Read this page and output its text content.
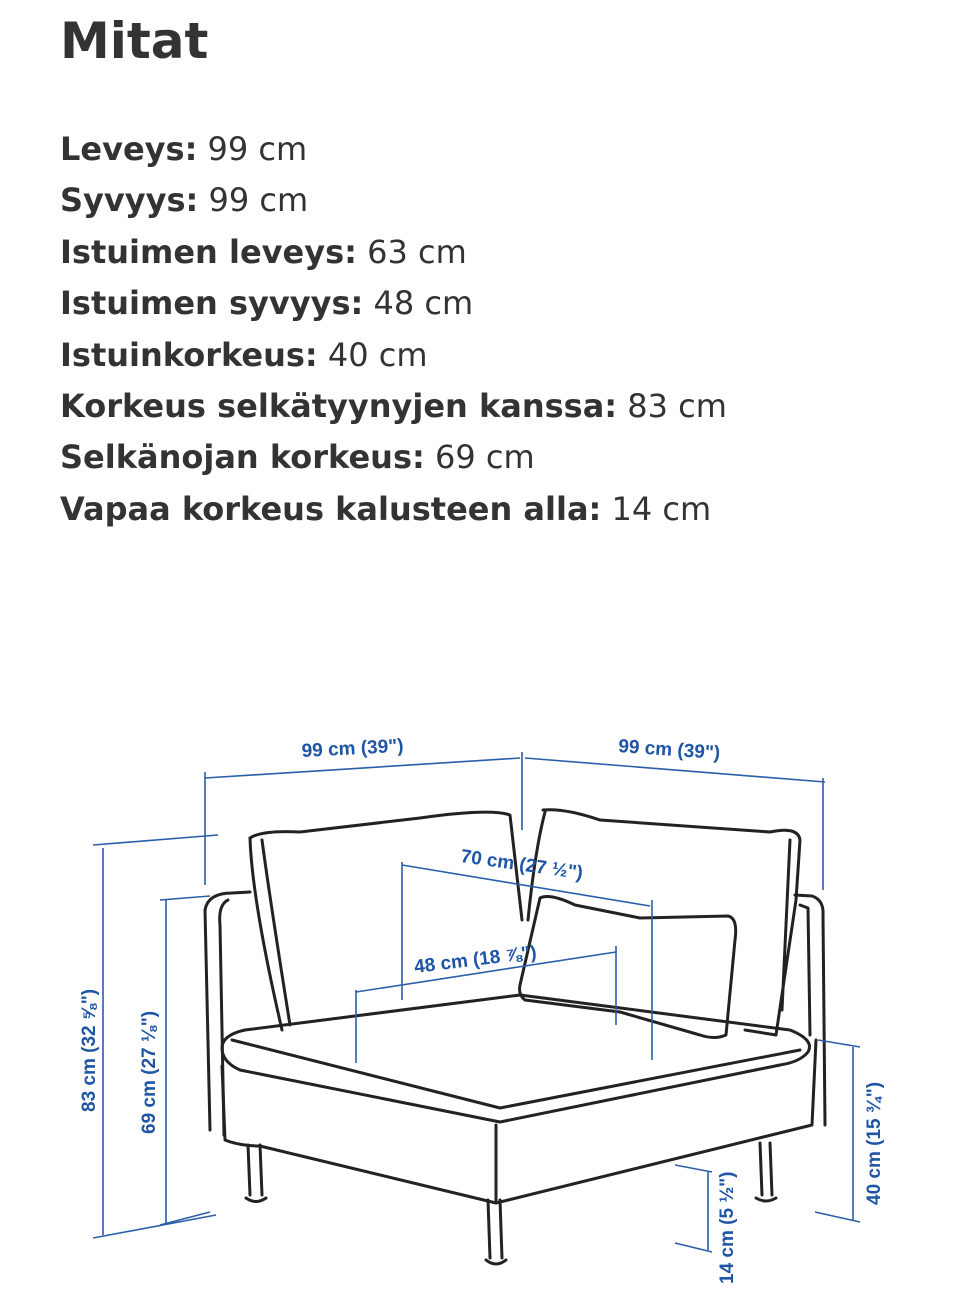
Mitat
Leveys: 99 cm
Syvyys: 99 cm
Istuimen leveys: 63 cm
Istuimen syvyys: 48 cm
Istuinkorkeus: 40 cm
Korkeus selkätyynyjen kanssa: 83 cm
Selkänojan korkeus: 69 cm
Vapaa korkeus kalusteen alla: 14 cm
99 cm (39")	99 cm (39")
70 cm (27 ½")
48 cm (18 ⅞")
83 cm (32 ⅝") 69 cm (27 ⅛")
40 cm (15 ¾")
14 cm (5 ½")
